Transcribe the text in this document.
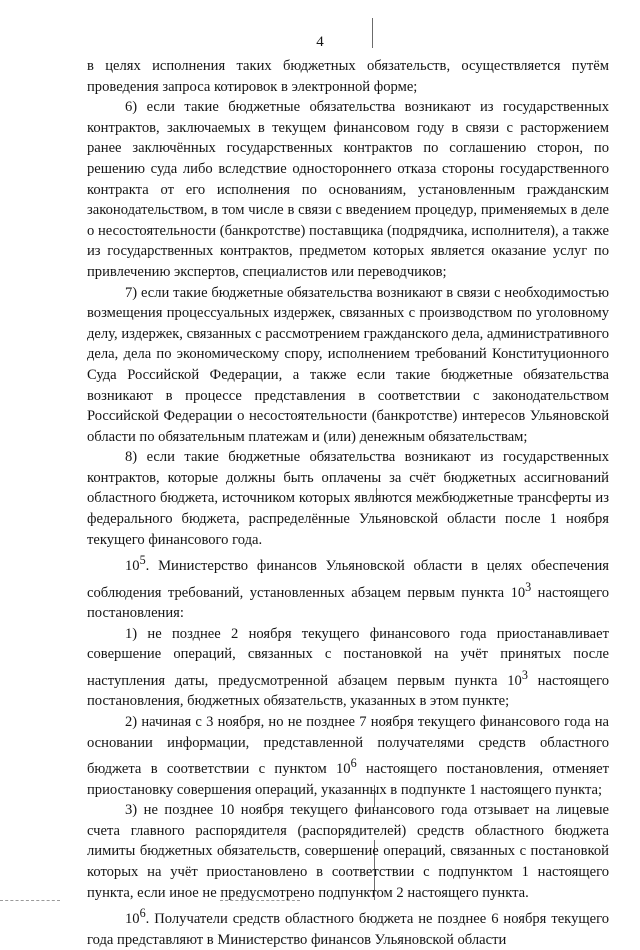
4

в целях исполнения таких бюджетных обязательств, осуществляется путём проведения запроса котировок в электронной форме;

6) если такие бюджетные обязательства возникают из государственных контрактов, заключаемых в текущем финансовом году в связи с расторжением ранее заключённых государственных контрактов по соглашению сторон, по решению суда либо вследствие одностороннего отказа стороны государственного контракта от его исполнения по основаниям, установленным гражданским законодательством, в том числе в связи с введением процедур, применяемых в деле о несостоятельности (банкротстве) поставщика (подрядчика, исполнителя), а также из государственных контрактов, предметом которых является оказание услуг по привлечению экспертов, специалистов или переводчиков;

7) если такие бюджетные обязательства возникают в связи с необходимостью возмещения процессуальных издержек, связанных с производством по уголовному делу, издержек, связанных с рассмотрением гражданского дела, административного дела, дела по экономическому спору, исполнением требований Конституционного Суда Российской Федерации, а также если такие бюджетные обязательства возникают в процессе представления в соответствии с законодательством Российской Федерации о несостоятельности (банкротстве) интересов Ульяновской области по обязательным платежам и (или) денежным обязательствам;

8) если такие бюджетные обязательства возникают из государственных контрактов, которые должны быть оплачены за счёт бюджетных ассигнований областного бюджета, источником которых являются межбюджетные трансферты из федерального бюджета, распределённые Ульяновской области после 1 ноября текущего финансового года.

$10^5$. Министерство финансов Ульяновской области в целях обеспечения соблюдения требований, установленных абзацем первым пункта $10^3$ настоящего постановления:

1) не позднее 2 ноября текущего финансового года приостанавливает совершение операций, связанных с постановкой на учёт принятых после наступления даты, предусмотренной абзацем первым пункта $10^3$ настоящего постановления, бюджетных обязательств, указанных в этом пункте;

2) начиная с 3 ноября, но не позднее 7 ноября текущего финансового года на основании информации, представленной получателями средств областного бюджета в соответствии с пунктом $10^6$ настоящего постановления, отменяет приостановку совершения операций, указанных в подпункте 1 настоящего пункта;

3) не позднее 10 ноября текущего финансового года отзывает на лицевые счета главного распорядителя (распорядителей) средств областного бюджета лимиты бюджетных обязательств, совершение операций, связанных с постановкой которых на учёт приостановлено в соответствии с подпунктом 1 настоящего пункта, если иное не предусмотрено подпунктом 2 настоящего пункта.

$10^6$. Получатели средств областного бюджета не позднее 6 ноября текущего года представляют в Министерство финансов Ульяновской области
